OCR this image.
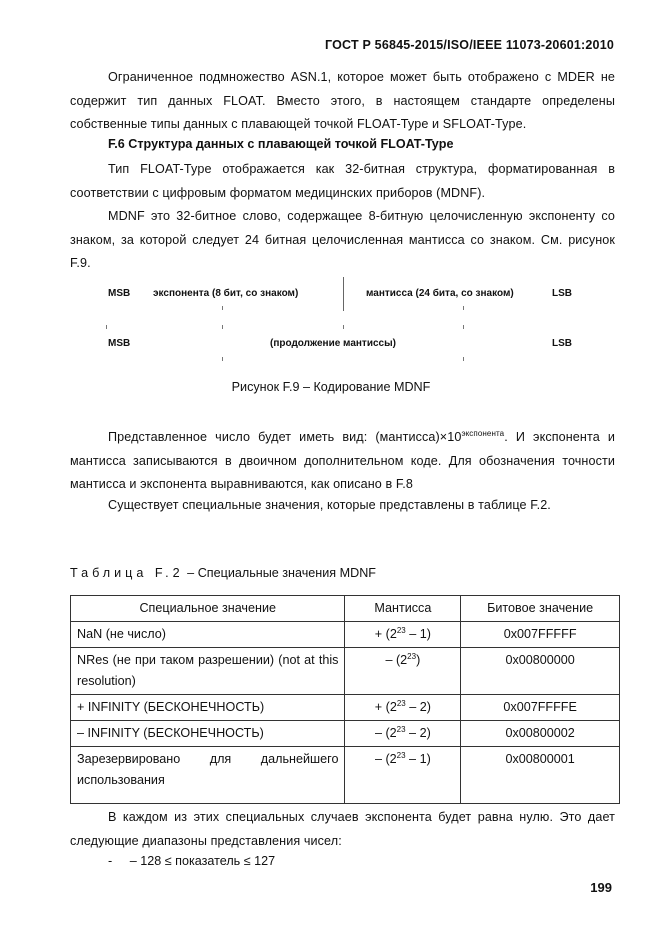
ГОСТ Р 56845-2015/ISO/IEEE 11073-20601:2010
Ограниченное подмножество ASN.1, которое может быть отображено с MDER не содержит тип данных FLOAT. Вместо этого, в настоящем стандарте определены собственные типы данных с плавающей точкой FLOAT-Type и SFLOAT-Type.
F.6 Структура данных с плавающей точкой FLOAT-Type
Тип FLOAT-Type отображается как 32-битная структура, форматированная в соответствии с цифровым форматом медицинских приборов (MDNF).
MDNF это 32-битное слово, содержащее 8-битную целочисленную экспоненту со знаком, за которой следует 24 битная целочисленная мантисса со знаком. См. рисунок F.9.
MSB экспонента (8 бит, со знаком)	мантисса (24 бита, со знаком)	LSB
MSB	(продолжение мантиссы)	LSB
Рисунок F.9 – Кодирование MDNF
Представленное число будет иметь вид: $(мантисса)\times 10^{экспонента}$. И экспонента и мантисса записываются в двоичном дополнительном коде. Для обозначения точности мантисса и экспонента выравниваются, как описано в F.8
Существует специальные значения, которые представлены в таблице F.2.
Таблица F.2 – Специальные значения MDNF
Специальное значение	Мантисса	Битовое значение
NaN (не число)	+ $(2^{23} - 1)$	0x007FFFFF
NRes (не при таком разрешении) (not at this resolution)	– $(2^{23})$	0x00800000
+ INFINITY (БЕСКОНЕЧНОСТЬ)	+ $(2^{23} - 2)$	0x007FFFFE
– INFINITY (БЕСКОНЕЧНОСТЬ)	– $(2^{23} - 2)$	0x00800002
Зарезервировано для дальнейшего использования	– $(2^{23} - 1)$	0x00800001
В каждом из этих специальных случаев экспонента будет равна нулю. Это дает следующие диапазоны представления чисел:
- – 128 ≤ показатель ≤ 127
199
